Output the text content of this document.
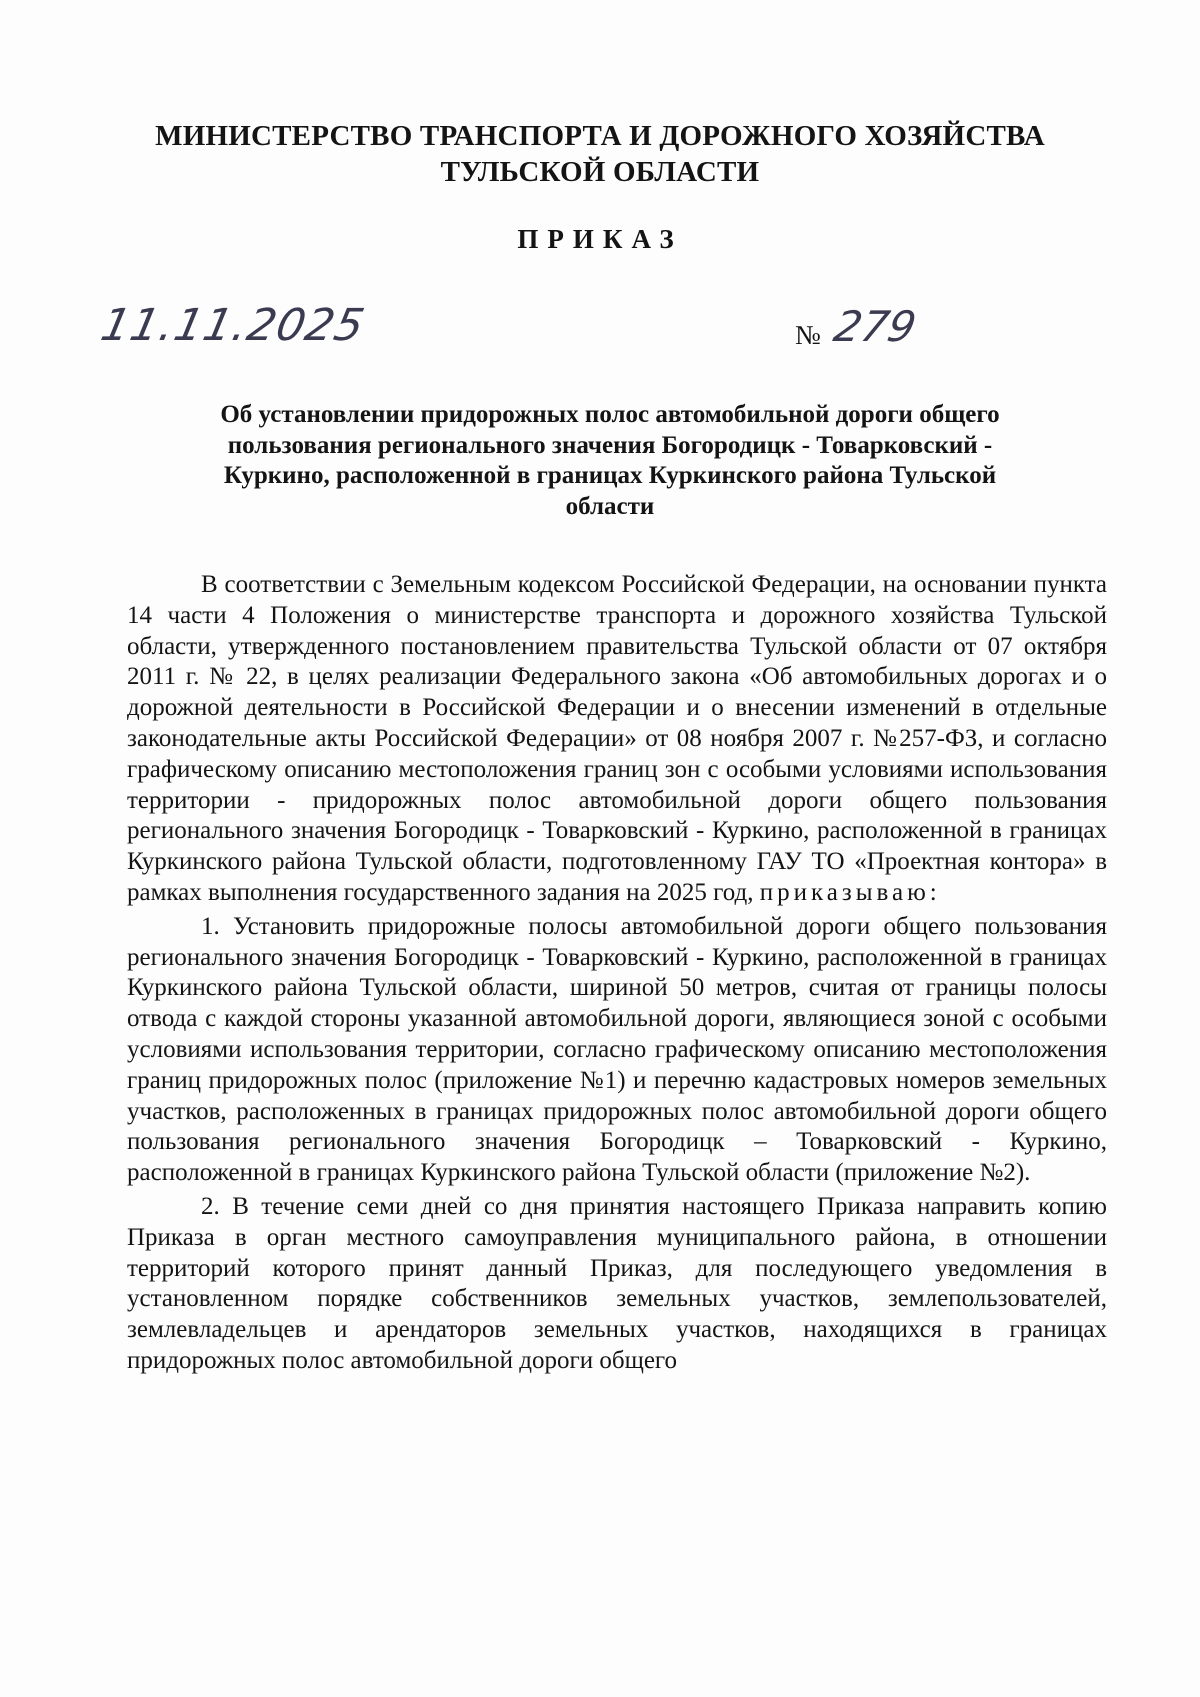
МИНИСТЕРСТВО ТРАНСПОРТА И ДОРОЖНОГО ХОЗЯЙСТВА
ТУЛЬСКОЙ ОБЛАСТИ
ПРИКАЗ
11.11.2025	№ 279
Об установлении придорожных полос автомобильной дороги общего
пользования регионального значения Богородицк - Товарковский -
Куркино, расположенной в границах Куркинского района Тульской
области

В соответствии с Земельным кодексом Российской Федерации, на основании пункта 14 части 4 Положения о министерстве транспорта и дорожного хозяйства Тульской области, утвержденного постановлением правительства Тульской области от 07 октября 2011 г. № 22, в целях реализации Федерального закона «Об автомобильных дорогах и о дорожной деятельности в Российской Федерации и о внесении изменений в отдельные законодательные акты Российской Федерации» от 08 ноября 2007 г. №257-ФЗ, и согласно графическому описанию местоположения границ зон с особыми условиями использования территории - придорожных полос автомобильной дороги общего пользования регионального значения Богородицк - Товарковский - Куркино, расположенной в границах Куркинского района Тульской области, подготовленному ГАУ ТО «Проектная контора» в рамках выполнения государственного задания на 2025 год, приказываю:

1. Установить придорожные полосы автомобильной дороги общего пользования регионального значения Богородицк - Товарковский - Куркино, расположенной в границах Куркинского района Тульской области, шириной 50 метров, считая от границы полосы отвода с каждой стороны указанной автомобильной дороги, являющиеся зоной с особыми условиями использования территории, согласно графическому описанию местоположения границ придорожных полос (приложение №1) и перечню кадастровых номеров земельных участков, расположенных в границах придорожных полос автомобильной дороги общего пользования регионального значения Богородицк – Товарковский - Куркино, расположенной в границах Куркинского района Тульской области (приложение №2).

2. В течение семи дней со дня принятия настоящего Приказа направить копию Приказа в орган местного самоуправления муниципального района, в отношении территорий которого принят данный Приказ, для последующего уведомления в установленном порядке собственников земельных участков, землепользователей, землевладельцев и арендаторов земельных участков, находящихся в границах придорожных полос автомобильной дороги общего
